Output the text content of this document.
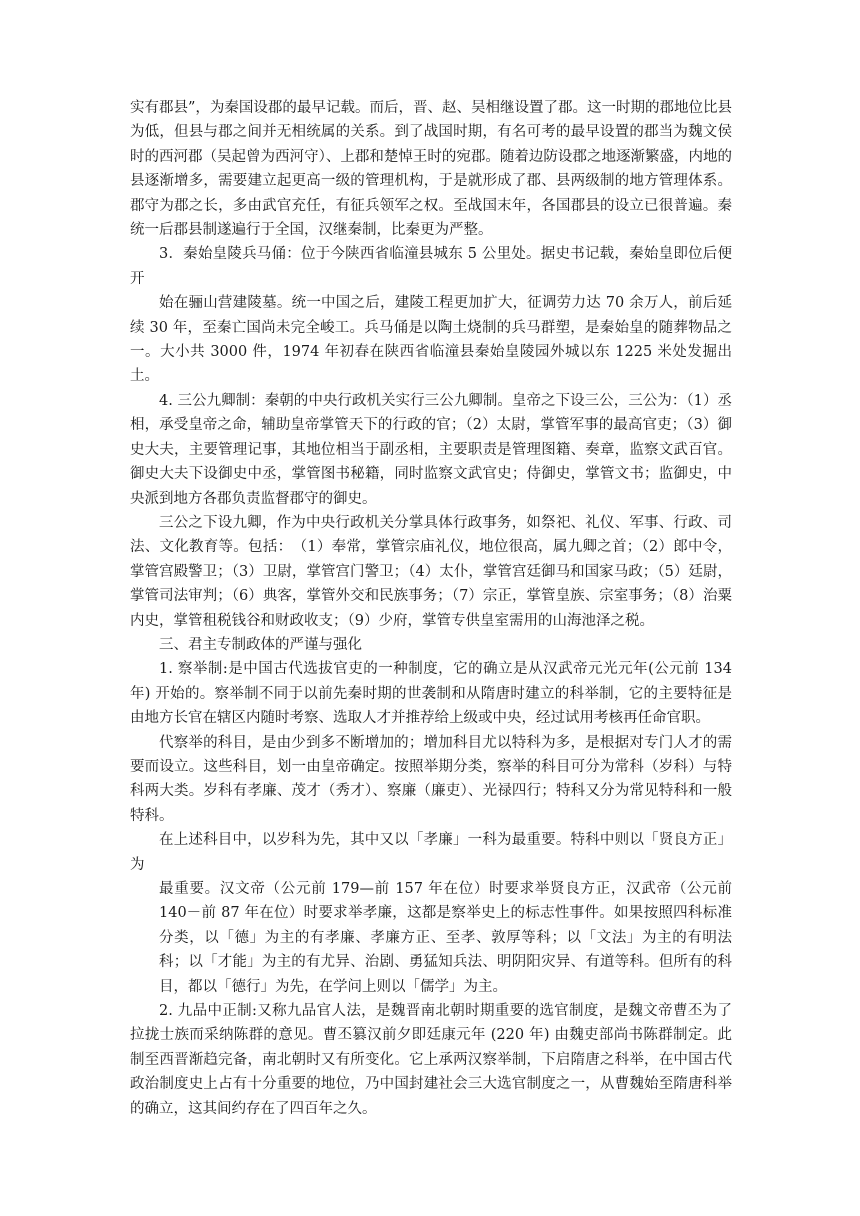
实有郡县”，为秦国设郡的最早记载。而后，晋、赵、吴相继设置了郡。这一时期的郡地位比县为低，但县与郡之间并无相统属的关系。到了战国时期，有名可考的最早设置的郡当为魏文侯时的西河郡（吴起曾为西河守）、上郡和楚悼王时的宛郡。随着边防设郡之地逐渐繁盛，内地的县逐渐增多，需要建立起更高一级的管理机构，于是就形成了郡、县两级制的地方管理体系。郡守为郡之长，多由武官充任，有征兵领军之权。至战国末年，各国郡县的设立已很普遍。秦统一后郡县制遂遍行于全国，汉继秦制，比秦更为严整。

3．秦始皇陵兵马俑：位于今陕西省临潼县城东 5 公里处。据史书记载，秦始皇即位后便开

始在骊山营建陵墓。统一中国之后，建陵工程更加扩大，征调劳力达 70 余万人，前后延续 30 年，至秦亡国尚未完全峻工。兵马俑是以陶土烧制的兵马群塑，是秦始皇的随葬物品之一。大小共 3000 件，1974 年初春在陕西省临潼县秦始皇陵园外城以东 1225 米处发掘出土。

4. 三公九卿制：秦朝的中央行政机关实行三公九卿制。皇帝之下设三公，三公为：（1）丞相，承受皇帝之命，辅助皇帝掌管天下的行政的官；（2）太尉，掌管军事的最高官吏；（3）御史大夫，主要管理记事，其地位相当于副丞相，主要职责是管理图籍、奏章，监察文武百官。御史大夫下设御史中丞，掌管图书秘籍，同时监察文武官史；侍御史，掌管文书；监御史，中央派到地方各郡负责监督郡守的御史。

三公之下设九卿，作为中央行政机关分掌具体行政事务，如祭祀、礼仪、军事、行政、司法、文化教育等。包括：　（1）奉常，掌管宗庙礼仪，地位很高，属九卿之首；（2）郎中令，掌管宫殿警卫；（3）卫尉，掌管宫门警卫；（4）太仆，掌管宫廷御马和国家马政；（5）廷尉，掌管司法审判；（6）典客，掌管外交和民族事务；（7）宗正，掌管皇族、宗室事务；（8）治粟内史，掌管租税钱谷和财政收支；（9）少府，掌管专供皇室需用的山海池泽之税。

三、君主专制政体的严谨与强化

1. 察举制:是中国古代选拔官吏的一种制度，它的确立是从汉武帝元光元年(公元前 134 年) 开始的。察举制不同于以前先秦时期的世袭制和从隋唐时建立的科举制，它的主要特征是由地方长官在辖区内随时考察、选取人才并推荐给上级或中央，经过试用考核再任命官职。

代察举的科目，是由少到多不断增加的；增加科目尤以特科为多，是根据对专门人才的需要而设立。这些科目，划一由皇帝确定。按照举期分类，察举的科目可分为常科（岁科）与特科两大类。岁科有孝廉、茂才（秀才）、察廉（廉吏）、光禄四行；特科又分为常见特科和一般特科。

在上述科目中，以岁科为先，其中又以「孝廉」一科为最重要。特科中则以「贤良方正」为

最重要。汉文帝（公元前 179—前 157 年在位）时要求举贤良方正，汉武帝（公元前 140－前 87 年在位）时要求举孝廉，这都是察举史上的标志性事件。如果按照四科标准分类，以「德」为主的有孝廉、孝廉方正、至孝、敦厚等科；以「文法」为主的有明法科；以「才能」为主的有尤异、治剧、勇猛知兵法、明阴阳灾异、有道等科。但所有的科目，都以「德行」为先，在学问上则以「儒学」为主。

2. 九品中正制:又称九品官人法，是魏晋南北朝时期重要的选官制度，是魏文帝曹丕为了拉拢士族而采纳陈群的意见。曹丕篡汉前夕即廷康元年 (220 年) 由魏吏部尚书陈群制定。此制至西晋渐趋完备，南北朝时又有所变化。它上承两汉察举制，下启隋唐之科举，在中国古代政治制度史上占有十分重要的地位，乃中国封建社会三大选官制度之一，从曹魏始至隋唐科举的确立，这其间约存在了四百年之久。
